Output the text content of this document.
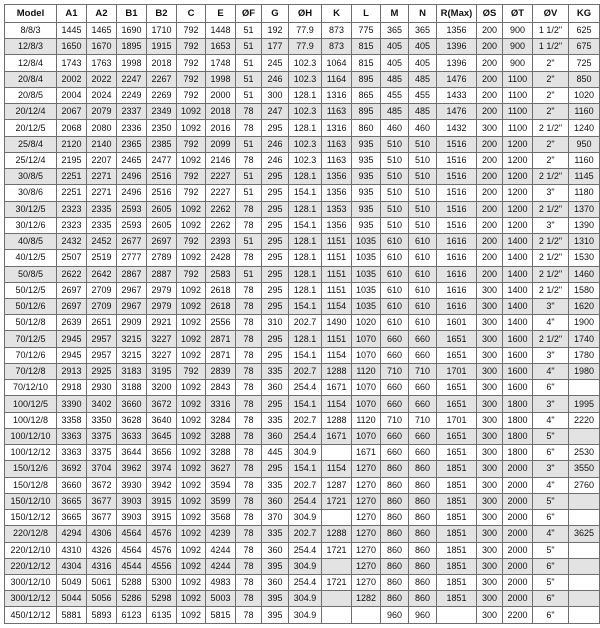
Model	A1	A2	B1	B2	C	E	ØF	G	ØH	K	L	M	N	R(Max)	ØS	ØT	ØV	KG
8/8/3	1445	1465	1690	1710	792	1448	51	192	77.9	873	775	365	365	1356	200	900	1 1/2"	625
12/8/3	1650	1670	1895	1915	792	1653	51	177	77.9	873	815	405	405	1396	200	900	1 1/2"	675
12/8/4	1743	1763	1998	2018	792	1748	51	245	102.3	1064	815	405	405	1396	200	900	2"	725
20/8/4	2002	2022	2247	2267	792	1998	51	246	102.3	1164	895	485	485	1476	200	1100	2"	850
20/8/5	2004	2024	2249	2269	792	2000	51	300	128.1	1316	865	455	455	1433	200	1100	2"	1020
20/12/4	2067	2079	2337	2349	1092	2018	78	247	102.3	1163	895	485	485	1476	200	1100	2"	1160
20/12/5	2068	2080	2336	2350	1092	2016	78	295	128.1	1316	860	460	460	1432	300	1100	2 1/2"	1240
25/8/4	2120	2140	2365	2385	792	2099	51	246	102.3	1163	935	510	510	1516	200	1200	2"	950
25/12/4	2195	2207	2465	2477	1092	2146	78	246	102.3	1163	935	510	510	1516	200	1200	2"	1160
30/8/5	2251	2271	2496	2516	792	2227	51	295	128.1	1356	935	510	510	1516	200	1200	2 1/2"	1145
30/8/6	2251	2271	2496	2516	792	2227	51	295	154.1	1356	935	510	510	1516	200	1200	3"	1180
30/12/5	2323	2335	2593	2605	1092	2262	78	295	128.1	1353	935	510	510	1516	200	1200	2 1/2"	1370
30/12/6	2323	2335	2593	2605	1092	2262	78	295	154.1	1356	935	510	510	1516	200	1200	3"	1390
40/8/5	2432	2452	2677	2697	792	2393	51	295	128.1	1151	1035	610	610	1616	200	1400	2 1/2"	1310
40/12/5	2507	2519	2777	2789	1092	2428	78	295	128.1	1151	1035	610	610	1616	200	1400	2 1/2"	1530
50/8/5	2622	2642	2867	2887	792	2583	51	295	128.1	1151	1035	610	610	1616	200	1400	2 1/2"	1460
50/12/5	2697	2709	2967	2979	1092	2618	78	295	128.1	1151	1035	610	610	1616	300	1400	2 1/2"	1580
50/12/6	2697	2709	2967	2979	1092	2618	78	295	154.1	1154	1035	610	610	1616	300	1400	3"	1620
50/12/8	2639	2651	2909	2921	1092	2556	78	310	202.7	1490	1020	610	610	1601	300	1400	4"	1900
70/12/5	2945	2957	3215	3227	1092	2871	78	295	128.1	1151	1070	660	660	1651	300	1600	2 1/2"	1740
70/12/6	2945	2957	3215	3227	1092	2871	78	295	154.1	1154	1070	660	660	1651	300	1600	3"	1780
70/12/8	2913	2925	3183	3195	792	2839	78	335	202.7	1288	1120	710	710	1701	300	1600	4"	1980
70/12/10	2918	2930	3188	3200	1092	2843	78	360	254.4	1671	1070	660	660	1651	300	1600	6"	
100/12/5	3390	3402	3660	3672	1092	3316	78	295	154.1	1154	1070	660	660	1651	300	1800	3"	1995
100/12/8	3358	3350	3628	3640	1092	3284	78	335	202.7	1288	1120	710	710	1701	300	1800	4"	2220
100/12/10	3363	3375	3633	3645	1092	3288	78	360	254.4	1671	1070	660	660	1651	300	1800	5"	
100/12/12	3363	3375	3644	3656	1092	3288	78	445	304.9		1671	660	660	1651	300	1800	6"	2530
150/12/6	3692	3704	3962	3974	1092	3627	78	295	154.1	1154	1270	860	860	1851	300	2000	3"	3550
150/12/8	3660	3672	3930	3942	1092	3594	78	335	202.7	1287	1270	860	860	1851	300	2000	4"	2760
150/12/10	3665	3677	3903	3915	1092	3599	78	360	254.4	1721	1270	860	860	1851	300	2000	5"	
150/12/12	3665	3677	3903	3915	1092	3568	78	370	304.9		1270	860	860	1851	300	2000	6"	
220/12/8	4294	4306	4564	4576	1092	4239	78	335	202.7	1288	1270	860	860	1851	300	2000	4"	3625
220/12/10	4310	4326	4564	4576	1092	4244	78	360	254.4	1721	1270	860	860	1851	300	2000	5"	
220/12/12	4304	4316	4544	4556	1092	4244	78	395	304.9		1270	860	860	1851	300	2000	6"	
300/12/10	5049	5061	5288	5300	1092	4983	78	360	254.4	1721	1270	860	860	1851	300	2000	5"	
300/12/12	5044	5056	5286	5298	1092	5003	78	395	304.9		1282	860	860	1851	300	2000	6"	
450/12/12	5881	5893	6123	6135	1092	5815	78	395	304.9			960	960		300	2200	6"	
